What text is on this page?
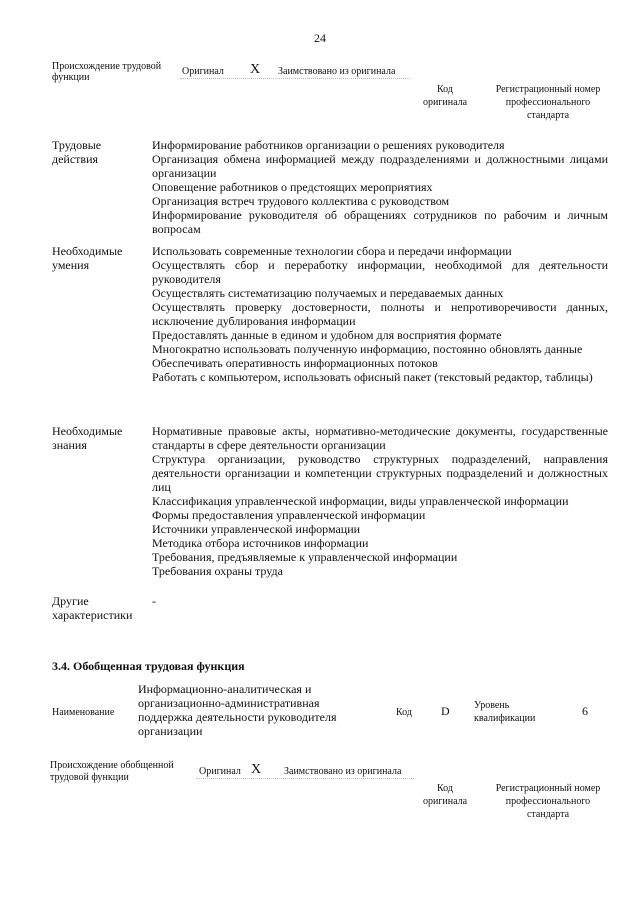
24
Происхождение трудовой функции
Оригинал X Заимствовано из оригинала
Код оригинала
Регистрационный номер профессионального стандарта
Трудовые действия
Информирование работников организации о решениях руководителя
Организация обмена информацией между подразделениями и должностными лицами организации
Оповещение работников о предстоящих мероприятиях
Организация встреч трудового коллектива с руководством
Информирование руководителя об обращениях сотрудников по рабочим и личным вопросам
Необходимые умения
Использовать современные технологии сбора и передачи информации
Осуществлять сбор и переработку информации, необходимой для деятельности руководителя
Осуществлять систематизацию получаемых и передаваемых данных
Осуществлять проверку достоверности, полноты и непротиворечивости данных, исключение дублирования информации
Предоставлять данные в едином и удобном для восприятия формате
Многократно использовать полученную информацию, постоянно обновлять данные
Обеспечивать оперативность информационных потоков
Работать с компьютером, использовать офисный пакет (текстовый редактор, таблицы)
Необходимые знания
Нормативные правовые акты, нормативно-методические документы, государственные стандарты в сфере деятельности организации
Структура организации, руководство структурных подразделений, направления деятельности организации и компетенции структурных подразделений и должностных лиц
Классификация управленческой информации, виды управленческой информации
Формы предоставления управленческой информации
Источники управленческой информации
Методика отбора источников информации
Требования, предъявляемые к управленческой информации
Требования охраны труда
Другие характеристики
-
3.4. Обобщенная трудовая функция
Наименование
Информационно-аналитическая и организационно-административная поддержка деятельности руководителя организации
Код D Уровень квалификации
6
Происхождение обобщенной трудовой функции
Оригинал X Заимствовано из оригинала
Код оригинала
Регистрационный номер профессионального стандарта
